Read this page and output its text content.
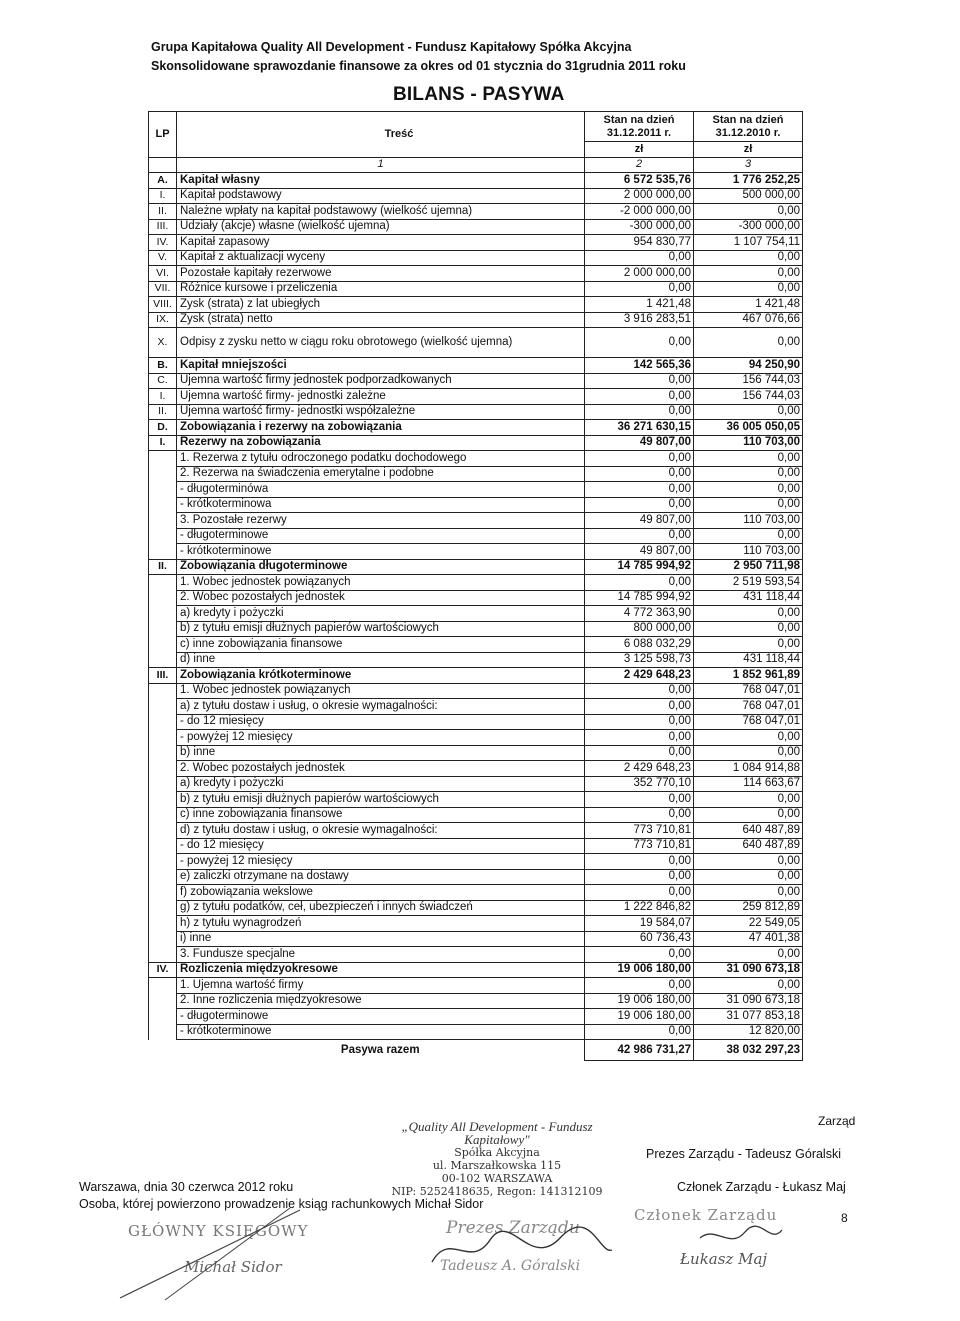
Grupa Kapitałowa Quality All Development - Fundusz Kapitałowy Spółka Akcyjna
Skonsolidowane sprawozdanie finansowe za okres od 01 stycznia do 31grudnia 2011 roku
BILANS - PASYWA
LP	Treść	Stan na dzień 31.12.2011 r.	Stan na dzień 31.12.2010 r.
		zł	zł
	1	2	3
A.	Kapitał własny	6 572 535,76	1 776 252,25
I.	Kapitał podstawowy	2 000 000,00	500 000,00
II.	Należne wpłaty na kapitał podstawowy (wielkość ujemna)	-2 000 000,00	0,00
III.	Udziały (akcje) własne (wielkość ujemna)	-300 000,00	-300 000,00
IV.	Kapitał zapasowy	954 830,77	1 107 754,11
V.	Kapitał z aktualizacji wyceny	0,00	0,00
VI.	Pozostałe kapitały rezerwowe	2 000 000,00	0,00
VII.	Różnice kursowe i przeliczenia	0,00	0,00
VIII.	Zysk (strata) z lat ubiegłych	1 421,48	1 421,48
IX.	Zysk (strata) netto	3 916 283,51	467 076,66
X.	Odpisy z zysku netto w ciągu roku obrotowego (wielkość ujemna)	0,00	0,00
B.	Kapitał mniejszości	142 565,36	94 250,90
C.	Ujemna wartość firmy jednostek podporzadkowanych	0,00	156 744,03
I.	Ujemna wartość firmy- jednostki zależne	0,00	156 744,03
II.	Ujemna wartość firmy- jednostki współzależne	0,00	0,00
D.	Zobowiązania i rezerwy na zobowiązania	36 271 630,15	36 005 050,05
I.	Rezerwy na zobowiązania	49 807,00	110 703,00
	1. Rezerwa z tytułu odroczonego podatku dochodowego	0,00	0,00
	2. Rezerwa na świadczenia emerytalne i podobne	0,00	0,00
	- długoterminówa	0,00	0,00
	- krótkoterminowa	0,00	0,00
	3. Pozostałe rezerwy	49 807,00	110 703,00
	- długoterminowe	0,00	0,00
	- krótkoterminowe	49 807,00	110 703,00
II.	Zobowiązania długoterminowe	14 785 994,92	2 950 711,98
	1. Wobec jednostek powiązanych	0,00	2 519 593,54
	2. Wobec pozostałych jednostek	14 785 994,92	431 118,44
	a) kredyty i pożyczki	4 772 363,90	0,00
	b) z tytułu emisji dłużnych papierów wartościowych	800 000,00	0,00
	c) inne zobowiązania finansowe	6 088 032,29	0,00
	d) inne	3 125 598,73	431 118,44
III.	Zobowiązania krótkoterminowe	2 429 648,23	1 852 961,89
	1. Wobec jednostek powiązanych	0,00	768 047,01
	a) z tytułu dostaw i usług, o okresie wymagalności:	0,00	768 047,01
	- do 12 miesięcy	0,00	768 047,01
	- powyżej 12 miesięcy	0,00	0,00
	b) inne	0,00	0,00
	2. Wobec pozostałych jednostek	2 429 648,23	1 084 914,88
	a) kredyty i pożyczki	352 770,10	114 663,67
	b) z tytułu emisji dłużnych papierów wartościowych	0,00	0,00
	c) inne zobowiązania finansowe	0,00	0,00
	d) z tytułu dostaw i usług, o okresie wymagalności:	773 710,81	640 487,89
	- do 12 miesięcy	773 710,81	640 487,89
	- powyżej 12 miesięcy	0,00	0,00
	e) zaliczki otrzymane na dostawy	0,00	0,00
	f) zobowiązania wekslowe	0,00	0,00
	g) z tytułu podatków, ceł, ubezpieczeń i innych świadczeń	1 222 846,82	259 812,89
	h) z tytułu wynagrodzeń	19 584,07	22 549,05
	i) inne	60 736,43	47 401,38
	3. Fundusze specjalne	0,00	0,00
IV.	Rozliczenia międzyokresowe	19 006 180,00	31 090 673,18
	1. Ujemna wartość firmy	0,00	0,00
	2. Inne rozliczenia międzyokresowe	19 006 180,00	31 090 673,18
	- długoterminowe	19 006 180,00	31 077 853,18
	- krótkoterminowe	0,00	12 820,00
	Pasywa razem	42 986 731,27	38 032 297,23
Zarząd
„Quality All Development - Fundusz Kapitałowy"
Spółka Akcyjna
ul. Marszałkowska 115
00-102 WARSZAWA
NIP: 5252418635, Regon: 141312109
Prezes Zarządu - Tadeusz Góralski
Członek Zarządu - Łukasz Maj
Warszawa, dnia 30 czerwca 2012 roku
Osoba, której powierzono prowadzenie ksiąg rachunkowych Michał Sidor
8
GŁÓWNY KSIĘGOWY
Michał Sidor
Prezes Zarządu
Tadeusz A. Góralski
Członek Zarządu
Łukasz Maj
